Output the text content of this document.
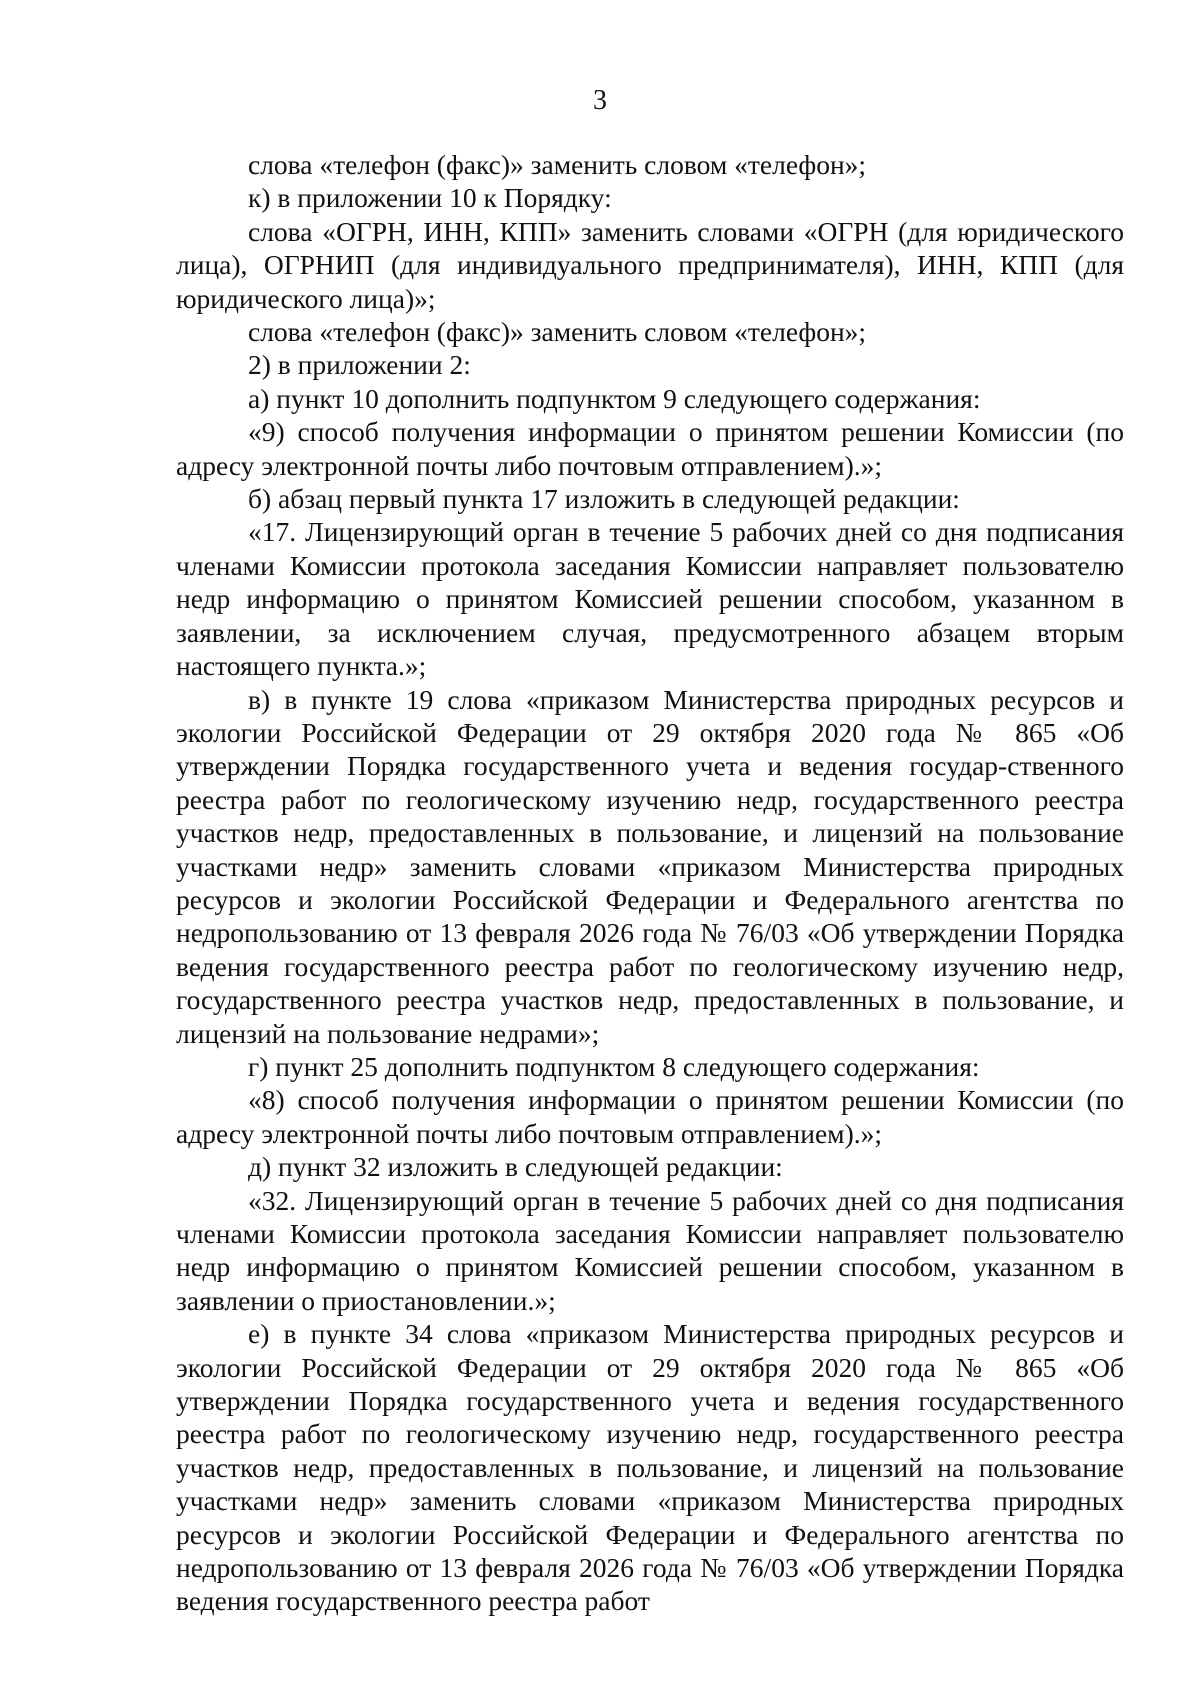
3

слова «телефон (факс)» заменить словом «телефон»;

к) в приложении 10 к Порядку:

слова «ОГРН, ИНН, КПП» заменить словами «ОГРН (для юридического лица), ОГРНИП (для индивидуального предпринимателя), ИНН, КПП (для юридического лица)»;

слова «телефон (факс)» заменить словом «телефон»;

2) в приложении 2:

а) пункт 10 дополнить подпунктом 9 следующего содержания:

«9) способ получения информации о принятом решении Комиссии (по адресу электронной почты либо почтовым отправлением).»;

б) абзац первый пункта 17 изложить в следующей редакции:

«17. Лицензирующий орган в течение 5 рабочих дней со дня подписания членами Комиссии протокола заседания Комиссии направляет пользователю недр информацию о принятом Комиссией решении способом, указанном в заявлении, за исключением случая, предусмотренного абзацем вторым настоящего пункта.»;

в) в пункте 19 слова «приказом Министерства природных ресурсов и экологии Российской Федерации от 29 октября 2020 года № 865 «Об утверждении Порядка государственного учета и ведения государ-ственного реестра работ по геологическому изучению недр, государственного реестра участков недр, предоставленных в пользование, и лицензий на пользование участками недр» заменить словами «приказом Министерства природных ресурсов и экологии Российской Федерации и Федерального агентства по недропользованию от 13 февраля 2026 года № 76/03 «Об утверждении Порядка ведения государственного реестра работ по геологическому изучению недр, государственного реестра участков недр, предоставленных в пользование, и лицензий на пользование недрами»;

г) пункт 25 дополнить подпунктом 8 следующего содержания:

«8) способ получения информации о принятом решении Комиссии (по адресу электронной почты либо почтовым отправлением).»;

д) пункт 32 изложить в следующей редакции:

«32. Лицензирующий орган в течение 5 рабочих дней со дня подписания членами Комиссии протокола заседания Комиссии направляет пользователю недр информацию о принятом Комиссией решении способом, указанном в заявлении о приостановлении.»;

е) в пункте 34 слова «приказом Министерства природных ресурсов и экологии Российской Федерации от 29 октября 2020 года № 865 «Об утверждении Порядка государственного учета и ведения государственного реестра работ по геологическому изучению недр, государственного реестра участков недр, предоставленных в пользование, и лицензий на пользование участками недр» заменить словами «приказом Министерства природных ресурсов и экологии Российской Федерации и Федерального агентства по недропользованию от 13 февраля 2026 года № 76/03 «Об утверждении Порядка ведения государственного реестра работ
